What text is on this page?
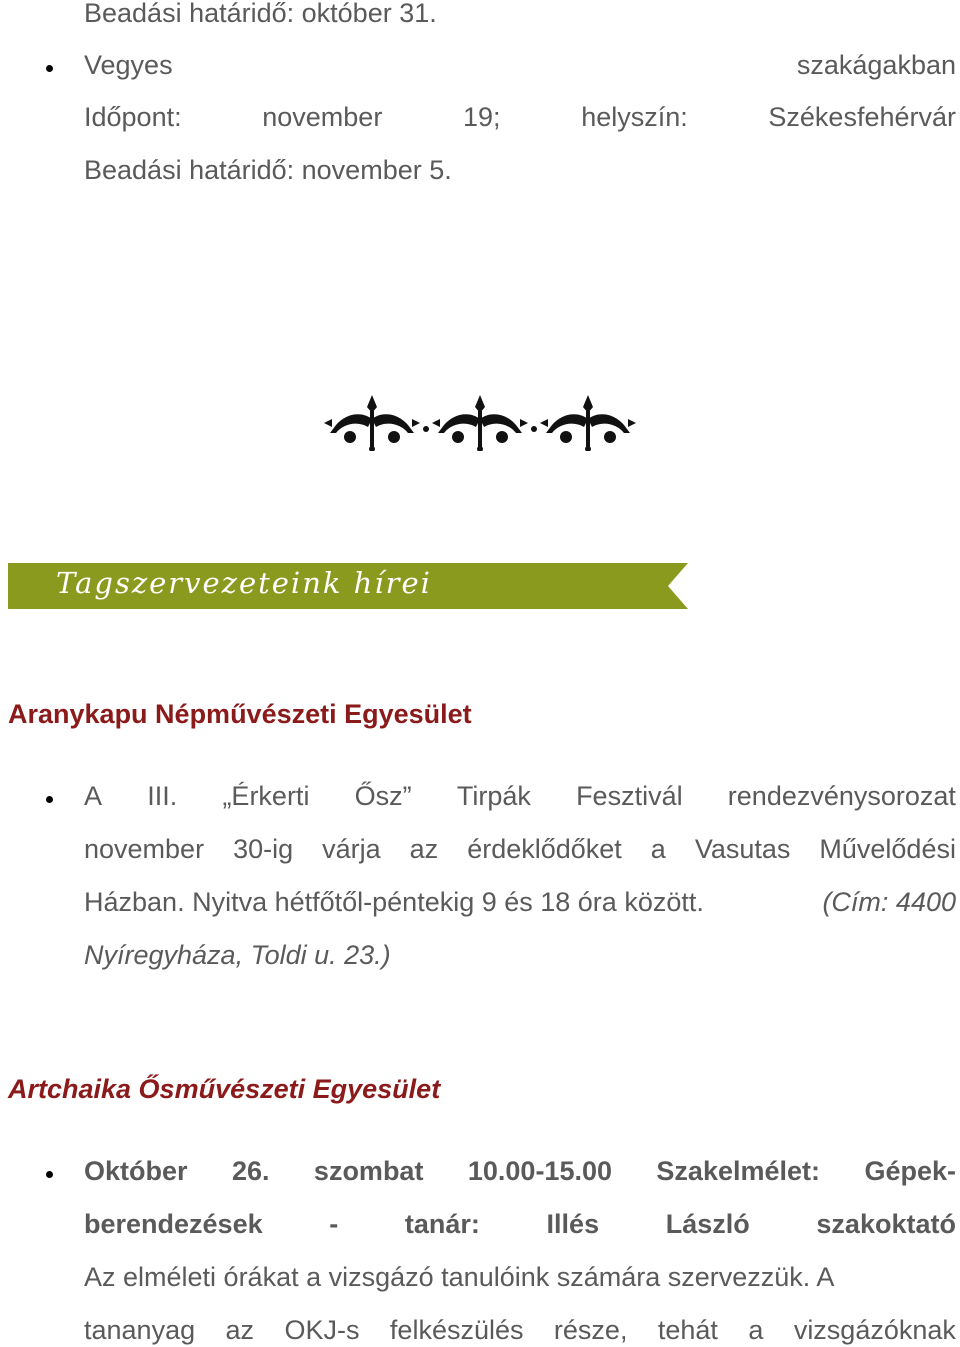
Beadási határidő: október 31.
Vegyes	szakágakban
Időpont:	november	19;	helyszín:	Székesfehérvár
Beadási határidő: november 5.
Tagszervezeteink hírei
Aranykapu Népművészeti Egyesület
A III. „Érkerti Ősz” Tirpák Fesztivál rendezvénysorozat
november 30-ig várja az érdeklődőket a Vasutas Művelődési
Házban. Nyitva hétfőtől-péntekig 9 és 18 óra között.	(Cím: 4400
Nyíregyháza, Toldi u. 23.)
Artchaika Ősművészeti Egyesület
Október 26. szombat 10.00-15.00 Szakelmélet: Gépek-
berendezések - tanár: Illés László szakoktató
Az elméleti órákat a vizsgázó tanulóink számára szervezzük. A
tananyag az OKJ-s felkészülés része, tehát a vizsgázóknak
